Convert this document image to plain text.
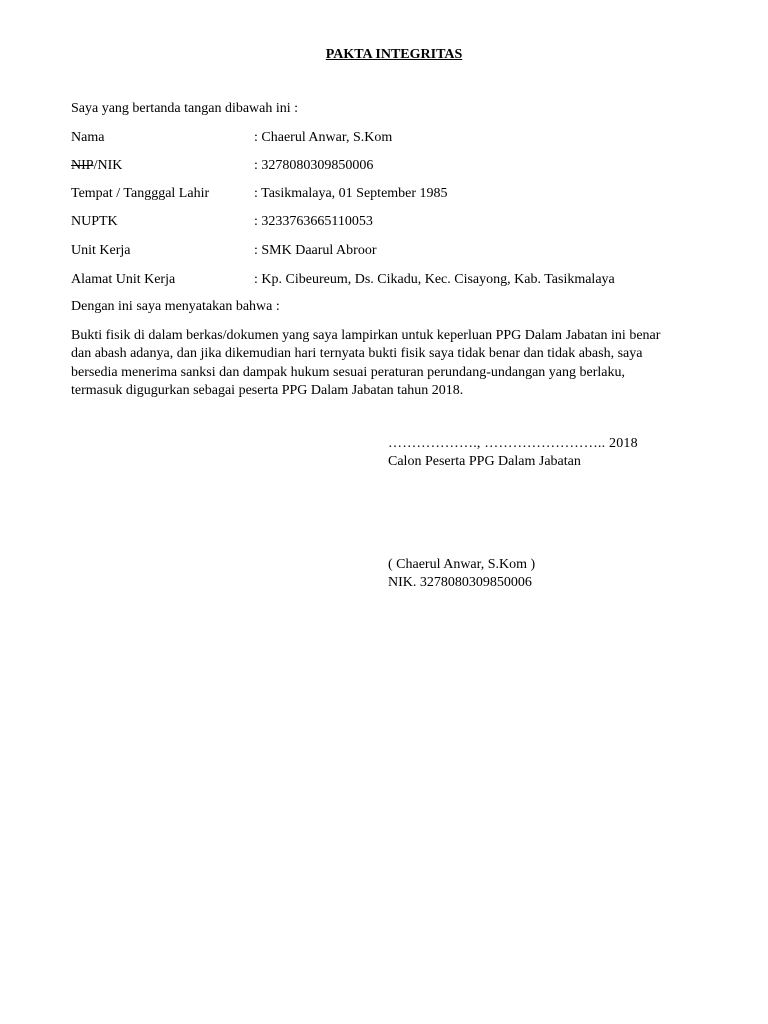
PAKTA INTEGRITAS
Saya yang bertanda tangan dibawah ini :
Nama	: Chaerul Anwar, S.Kom
NIP/NIK	: 3278080309850006
Tempat / Tangggal Lahir	: Tasikmalaya, 01 September 1985
NUPTK	: 3233763665110053
Unit Kerja	: SMK Daarul Abroor
Alamat Unit Kerja	: Kp. Cibeureum, Ds. Cikadu, Kec. Cisayong, Kab. Tasikmalaya
Dengan ini saya menyatakan bahwa :
Bukti fisik di dalam berkas/dokumen yang saya lampirkan untuk keperluan PPG Dalam Jabatan ini benar
dan abash adanya, dan jika dikemudian hari ternyata bukti fisik saya tidak benar dan tidak abash, saya
bersedia menerima sanksi dan dampak hukum sesuai peraturan perundang-undangan yang berlaku,
termasuk digugurkan sebagai peserta PPG Dalam Jabatan tahun 2018.
………………., …………………….. 2018
Calon Peserta PPG Dalam Jabatan
( Chaerul Anwar, S.Kom )
NIK. 3278080309850006
